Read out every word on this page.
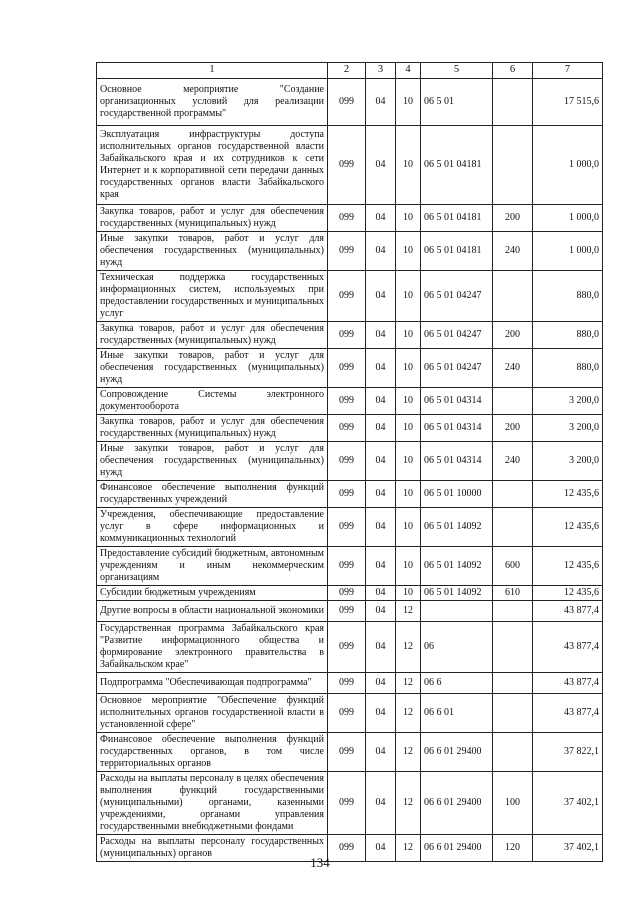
1	2	3	4	5	6	7
Основное мероприятие "Создание организационных условий для реализации государственной программы"	099	04	10	06 5 01		17 515,6
Эксплуатация инфраструктуры доступа исполнительных органов государственной власти Забайкальского края и их сотрудников к сети Интернет и к корпоративной сети передачи данных государственных органов власти Забайкальского края	099	04	10	06 5 01 04181		1 000,0
Закупка товаров, работ и услуг для обеспечения государственных (муниципальных) нужд	099	04	10	06 5 01 04181	200	1 000,0
Иные закупки товаров, работ и услуг для обеспечения государственных (муниципальных) нужд	099	04	10	06 5 01 04181	240	1 000,0
Техническая поддержка государственных информационных систем, используемых при предоставлении государственных и муниципальных услуг	099	04	10	06 5 01 04247		880,0
Закупка товаров, работ и услуг для обеспечения государственных (муниципальных) нужд	099	04	10	06 5 01 04247	200	880,0
Иные закупки товаров, работ и услуг для обеспечения государственных (муниципальных) нужд	099	04	10	06 5 01 04247	240	880,0
Сопровождение Системы электронного документооборота	099	04	10	06 5 01 04314		3 200,0
Закупка товаров, работ и услуг для обеспечения государственных (муниципальных) нужд	099	04	10	06 5 01 04314	200	3 200,0
Иные закупки товаров, работ и услуг для обеспечения государственных (муниципальных) нужд	099	04	10	06 5 01 04314	240	3 200,0
Финансовое обеспечение выполнения функций государственных учреждений	099	04	10	06 5 01 10000		12 435,6
Учреждения, обеспечивающие предоставление услуг в сфере информационных и коммуникационных технологий	099	04	10	06 5 01 14092		12 435,6
Предоставление субсидий бюджетным, автономным учреждениям и иным некоммерческим организациям	099	04	10	06 5 01 14092	600	12 435,6
Субсидии бюджетным учреждениям	099	04	10	06 5 01 14092	610	12 435,6
Другие вопросы в области национальной экономики	099	04	12			43 877,4
Государственная программа Забайкальского края "Развитие информационного общества и формирование электронного правительства в Забайкальском крае"	099	04	12	06		43 877,4
Подпрограмма "Обеспечивающая подпрограмма"	099	04	12	06 6		43 877,4
Основное мероприятие "Обеспечение функций исполнительных органов государственной власти в установленной сфере"	099	04	12	06 6 01		43 877,4
Финансовое обеспечение выполнения функций государственных органов, в том числе территориальных органов	099	04	12	06 6 01 29400		37 822,1
Расходы на выплаты персоналу в целях обеспечения выполнения функций государственными (муниципальными) органами, казенными учреждениями, органами управления государственными внебюджетными фондами	099	04	12	06 6 01 29400	100	37 402,1
Расходы на выплаты персоналу государственных (муниципальных) органов	099	04	12	06 6 01 29400	120	37 402,1
134
